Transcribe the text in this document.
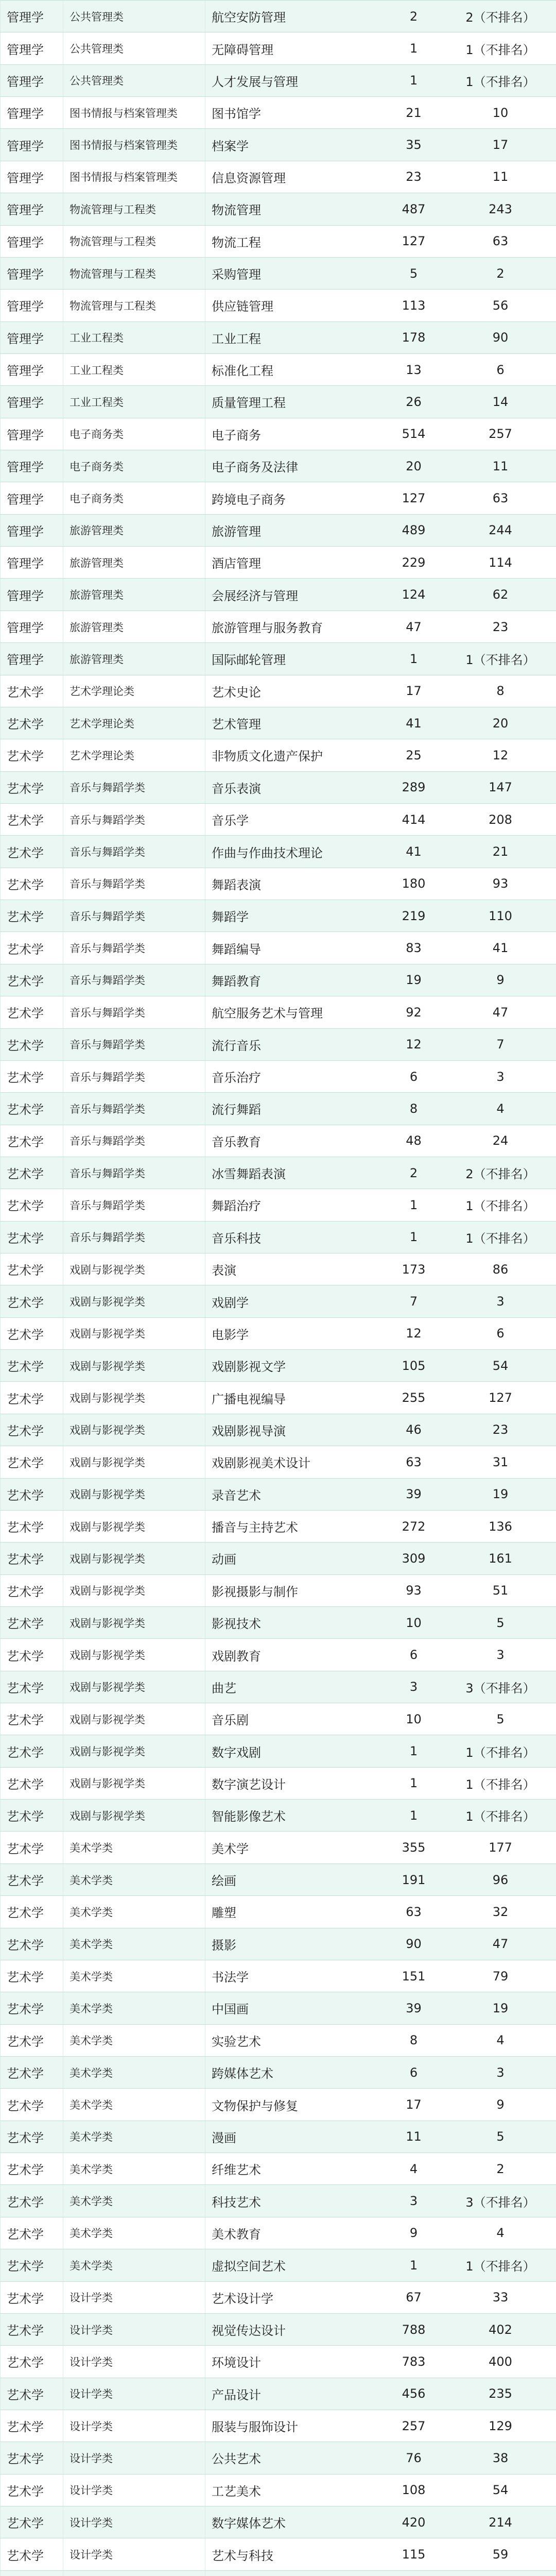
管理学	公共管理类	航空安防管理	2	2（不排名）
管理学	公共管理类	无障碍管理	1	1（不排名）
管理学	公共管理类	人才发展与管理	1	1（不排名）
管理学	图书情报与档案管理类	图书馆学	21	10
管理学	图书情报与档案管理类	档案学	35	17
管理学	图书情报与档案管理类	信息资源管理	23	11
管理学	物流管理与工程类	物流管理	487	243
管理学	物流管理与工程类	物流工程	127	63
管理学	物流管理与工程类	采购管理	5	2
管理学	物流管理与工程类	供应链管理	113	56
管理学	工业工程类	工业工程	178	90
管理学	工业工程类	标准化工程	13	6
管理学	工业工程类	质量管理工程	26	14
管理学	电子商务类	电子商务	514	257
管理学	电子商务类	电子商务及法律	20	11
管理学	电子商务类	跨境电子商务	127	63
管理学	旅游管理类	旅游管理	489	244
管理学	旅游管理类	酒店管理	229	114
管理学	旅游管理类	会展经济与管理	124	62
管理学	旅游管理类	旅游管理与服务教育	47	23
管理学	旅游管理类	国际邮轮管理	1	1（不排名）
艺术学	艺术学理论类	艺术史论	17	8
艺术学	艺术学理论类	艺术管理	41	20
艺术学	艺术学理论类	非物质文化遗产保护	25	12
艺术学	音乐与舞蹈学类	音乐表演	289	147
艺术学	音乐与舞蹈学类	音乐学	414	208
艺术学	音乐与舞蹈学类	作曲与作曲技术理论	41	21
艺术学	音乐与舞蹈学类	舞蹈表演	180	93
艺术学	音乐与舞蹈学类	舞蹈学	219	110
艺术学	音乐与舞蹈学类	舞蹈编导	83	41
艺术学	音乐与舞蹈学类	舞蹈教育	19	9
艺术学	音乐与舞蹈学类	航空服务艺术与管理	92	47
艺术学	音乐与舞蹈学类	流行音乐	12	7
艺术学	音乐与舞蹈学类	音乐治疗	6	3
艺术学	音乐与舞蹈学类	流行舞蹈	8	4
艺术学	音乐与舞蹈学类	音乐教育	48	24
艺术学	音乐与舞蹈学类	冰雪舞蹈表演	2	2（不排名）
艺术学	音乐与舞蹈学类	舞蹈治疗	1	1（不排名）
艺术学	音乐与舞蹈学类	音乐科技	1	1（不排名）
艺术学	戏剧与影视学类	表演	173	86
艺术学	戏剧与影视学类	戏剧学	7	3
艺术学	戏剧与影视学类	电影学	12	6
艺术学	戏剧与影视学类	戏剧影视文学	105	54
艺术学	戏剧与影视学类	广播电视编导	255	127
艺术学	戏剧与影视学类	戏剧影视导演	46	23
艺术学	戏剧与影视学类	戏剧影视美术设计	63	31
艺术学	戏剧与影视学类	录音艺术	39	19
艺术学	戏剧与影视学类	播音与主持艺术	272	136
艺术学	戏剧与影视学类	动画	309	161
艺术学	戏剧与影视学类	影视摄影与制作	93	51
艺术学	戏剧与影视学类	影视技术	10	5
艺术学	戏剧与影视学类	戏剧教育	6	3
艺术学	戏剧与影视学类	曲艺	3	3（不排名）
艺术学	戏剧与影视学类	音乐剧	10	5
艺术学	戏剧与影视学类	数字戏剧	1	1（不排名）
艺术学	戏剧与影视学类	数字演艺设计	1	1（不排名）
艺术学	戏剧与影视学类	智能影像艺术	1	1（不排名）
艺术学	美术学类	美术学	355	177
艺术学	美术学类	绘画	191	96
艺术学	美术学类	雕塑	63	32
艺术学	美术学类	摄影	90	47
艺术学	美术学类	书法学	151	79
艺术学	美术学类	中国画	39	19
艺术学	美术学类	实验艺术	8	4
艺术学	美术学类	跨媒体艺术	6	3
艺术学	美术学类	文物保护与修复	17	9
艺术学	美术学类	漫画	11	5
艺术学	美术学类	纤维艺术	4	2
艺术学	美术学类	科技艺术	3	3（不排名）
艺术学	美术学类	美术教育	9	4
艺术学	美术学类	虚拟空间艺术	1	1（不排名）
艺术学	设计学类	艺术设计学	67	33
艺术学	设计学类	视觉传达设计	788	402
艺术学	设计学类	环境设计	783	400
艺术学	设计学类	产品设计	456	235
艺术学	设计学类	服装与服饰设计	257	129
艺术学	设计学类	公共艺术	76	38
艺术学	设计学类	工艺美术	108	54
艺术学	设计学类	数字媒体艺术	420	214
艺术学	设计学类	艺术与科技	115	59
